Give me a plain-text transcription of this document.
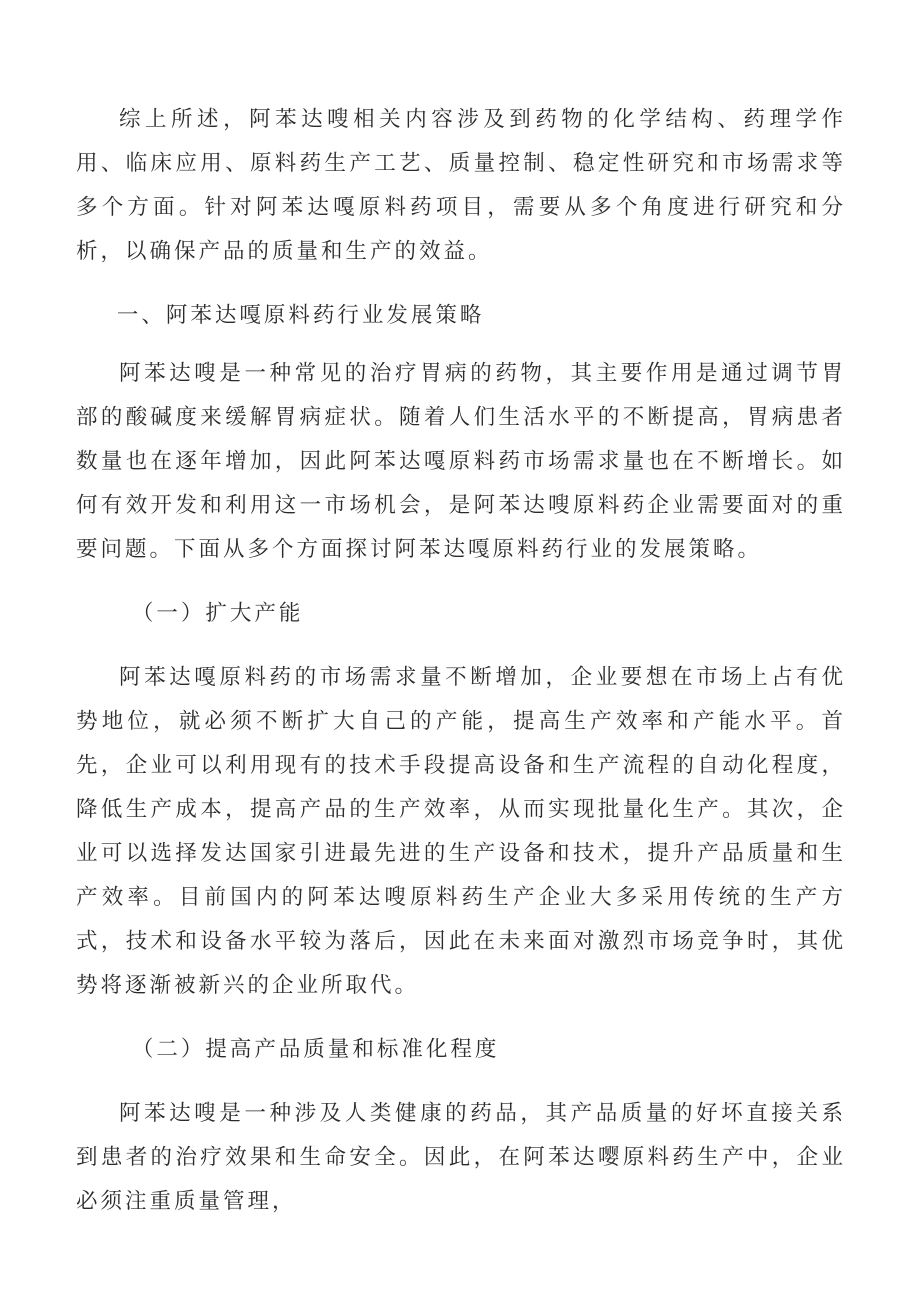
综上所述，阿苯达嗖相关内容涉及到药物的化学结构、药理学作用、临床应用、原料药生产工艺、质量控制、稳定性研究和市场需求等多个方面。针对阿苯达嘎原料药项目，需要从多个角度进行研究和分析，以确保产品的质量和生产的效益。

一、阿苯达嘎原料药行业发展策略

阿苯达嗖是一种常见的治疗胃病的药物，其主要作用是通过调节胃部的酸碱度来缓解胃病症状。随着人们生活水平的不断提高，胃病患者数量也在逐年增加，因此阿苯达嘎原料药市场需求量也在不断增长。如何有效开发和利用这一市场机会，是阿苯达嗖原料药企业需要面对的重要问题。下面从多个方面探讨阿苯达嘎原料药行业的发展策略。

（一）扩大产能

阿苯达嘎原料药的市场需求量不断增加，企业要想在市场上占有优势地位，就必须不断扩大自己的产能，提高生产效率和产能水平。首先，企业可以利用现有的技术手段提高设备和生产流程的自动化程度，降低生产成本，提高产品的生产效率，从而实现批量化生产。其次，企业可以选择发达国家引进最先进的生产设备和技术，提升产品质量和生产效率。目前国内的阿苯达嗖原料药生产企业大多采用传统的生产方式，技术和设备水平较为落后，因此在未来面对激烈市场竞争时，其优势将逐渐被新兴的企业所取代。

（二）提高产品质量和标准化程度

阿苯达嗖是一种涉及人类健康的药品，其产品质量的好坏直接关系到患者的治疗效果和生命安全。因此，在阿苯达嘤原料药生产中，企业必须注重质量管理，
